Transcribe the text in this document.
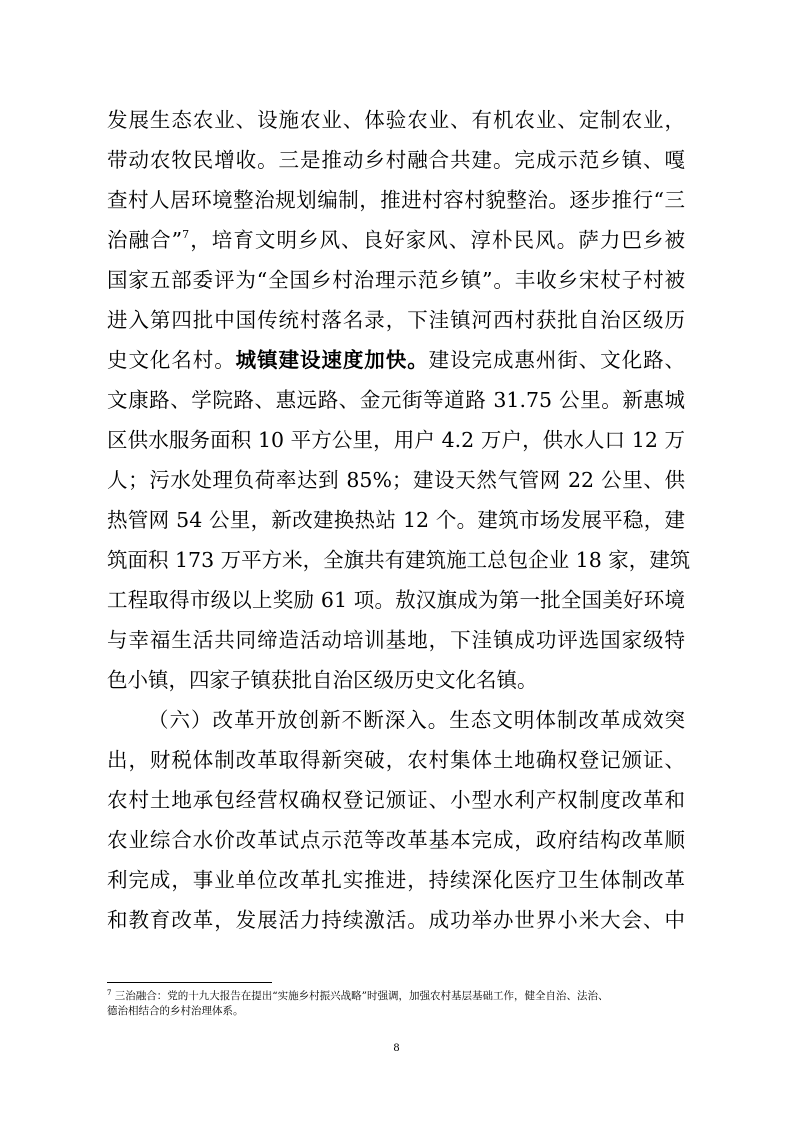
发展生态农业、设施农业、体验农业、有机农业、定制农业，
带动农牧民增收。三是推动乡村融合共建。完成示范乡镇、嘎
查村人居环境整治规划编制，推进村容村貌整治。逐步推行“三
治融合”$^7$，培育文明乡风、良好家风、淳朴民风。萨力巴乡被
国家五部委评为“全国乡村治理示范乡镇”。丰收乡宋杖子村被
进入第四批中国传统村落名录，下洼镇河西村获批自治区级历
史文化名村。城镇建设速度加快。建设完成惠州街、文化路、
文康路、学院路、惠远路、金元街等道路 31.75 公里。新惠城
区供水服务面积 10 平方公里，用户 4.2 万户，供水人口 12 万
人；污水处理负荷率达到 85%；建设天然气管网 22 公里、供
热管网 54 公里，新改建换热站 12 个。建筑市场发展平稳，建
筑面积 173 万平方米，全旗共有建筑施工总包企业 18 家，建筑
工程取得市级以上奖励 61 项。敖汉旗成为第一批全国美好环境
与幸福生活共同缔造活动培训基地，下洼镇成功评选国家级特
色小镇，四家子镇获批自治区级历史文化名镇。
（六）改革开放创新不断深入。生态文明体制改革成效突
出，财税体制改革取得新突破，农村集体土地确权登记颁证、
农村土地承包经营权确权登记颁证、小型水利产权制度改革和
农业综合水价改革试点示范等改革基本完成，政府结构改革顺
利完成，事业单位改革扎实推进，持续深化医疗卫生体制改革
和教育改革，发展活力持续激活。成功举办世界小米大会、中
$^7$ 三治融合：党的十九大报告在提出“实施乡村振兴战略”时强调，加强农村基层基础工作，健全自治、法治、
德治相结合的乡村治理体系。
8
